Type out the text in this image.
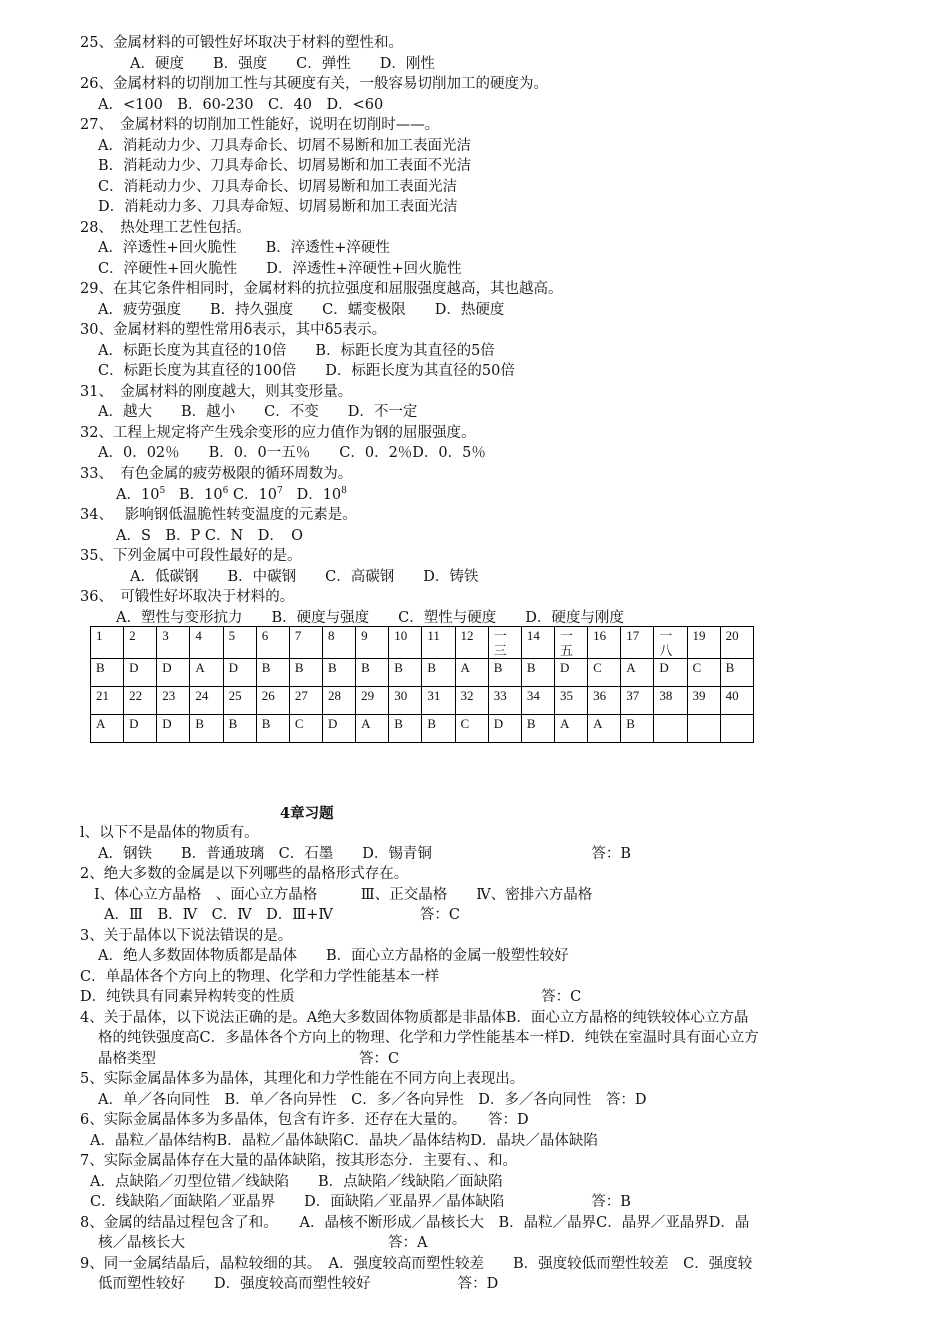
25、金属材料的可锻性好坏取决于材料的塑性和。
A．硬度　　B．强度　　C．弹性　　D．刚性
26、金属材料的切削加工性与其硬度有关，一般容易切削加工的硬度为。
A．<100　B．60-230　C．40　D．<60
27、　金属材料的切削加工性能好，说明在切削时——。
A．消耗动力少、刀具寿命长、切屑不易断和加工表面光洁
B．消耗动力少、刀具寿命长、切屑易断和加工表面不光洁
C．消耗动力少、刀具寿命长、切屑易断和加工表面光洁
D．消耗动力多、刀具寿命短、切屑易断和加工表面光洁
28、　热处理工艺性包括。
A．淬透性+回火脆性　　B．淬透性+淬硬性
C．淬硬性+回火脆性　　D．淬透性+淬硬性+回火脆性
29、在其它条件相同时，金属材料的抗拉强度和屈服强度越高，其也越高。
A．疲劳强度　　B．持久强度　　C．蠕变极限　　D．热硬度
30、金属材料的塑性常用δ表示，其中δ5表示。
A．标距长度为其直径的10倍　　B．标距长度为其直径的5倍
C．标距长度为其直径的100倍　　D．标距长度为其直径的50倍
31、　金属材料的刚度越大，则其变形量。
A．越大　　B．越小　　C．不变　　D．不一定
32、工程上规定将产生残余变形的应力值作为钢的屈服强度。
A．0．02％　　B．0．0一五％　　C．0．2％D．0．5％
33、　有色金属的疲劳极限的循环周数为。
A．$10^5$ B．$10^6$ C．$10^7$ D．$10^8$
34、　 影响钢低温脆性转变温度的元素是。
A．S　B．P C．N　D．　O
35、下列金属中可段性最好的是。
A．低碳钢　　B．中碳钢　　C．高碳钢　　D．铸铁
36、　可锻性好坏取决于材料的。
A．塑性与变形抗力　　B．硬度与强度　　C．塑性与硬度　　D．硬度与刚度
1	2	3	4	5	6	7	8	9	10	11	12	一三	14	一五	16	17	一八	19	20
B	D	D	A	D	B	B	B	B	B	B	A	B	B	D	C	A	D	C	B
21	22	23	24	25	26	27	28	29	30	31	32	33	34	35	36	37	38	39	40
A	D	D	B	B	B	C	D	A	B	B	C	D	B	A	A	B			
4章习题
l、以下不是晶体的物质有。
A．钢铁　　B．普通玻璃　C．石墨　　D．锡青铜　　　　　　　　　　　答：B
2、绝大多数的金属是以下列哪些的晶格形式存在。
Ⅰ、体心立方晶格　、面心立方晶格　　　Ⅲ、正交晶格　　Ⅳ、密排六方晶格
A．Ⅲ　B．Ⅳ　C．Ⅳ　D．Ⅲ+Ⅳ　　　　　　答：C
3、关于晶体以下说法错误的是。
A．绝人多数固体物质都是晶体　　B．面心立方晶格的金属一般塑性较好
C．单晶体各个方向上的物理、化学和力学性能基本一样
D．纯铁具有同素异构转变的性质　　　　　　　　　　　　　　　　　答：C
4、关于晶体，以下说法正确的是。A绝大多数固体物质都是非晶体B．面心立方晶格的纯铁较体心立方晶
格的纯铁强度高C．多晶体各个方向上的物理、化学和力学性能基本一样D．纯铁在室温时具有面心立方
晶格类型　　　　　　　　　　　　　　答：C
5、实际金属晶体多为晶体，其理化和力学性能在不同方向上表现出。
A．单／各向同性　B．单／各向异性　C．多／各向异性　D．多／各向同性　答：D
6、实际金属晶体多为多晶体，包含有许多．还存在大量的。　　答：D
A．晶粒／晶体结构B．晶粒／晶体缺陷C．晶块／晶体结构D．晶块／晶体缺陷
7、实际金属晶体存在大量的晶体缺陷，按其形态分．主要有、、和。
A．点缺陷／刃型位错／线缺陷　　B．点缺陷／线缺陷／面缺陷
C．线缺陷／面缺陷／亚晶界　　D．面缺陷／亚晶界／晶体缺陷　　　　　　答：B
8、金属的结晶过程包含了和。　　A．晶核不断形成／晶核长大　B．晶粒／晶界C．晶界／亚晶界D．晶
核／晶核长大　　　　　　　　　　　　　　答：A
9、同一金属结晶后，晶粒较细的其。　A．强度较高而塑性较差　　B．强度较低而塑性较差　C．强度较
低而塑性较好　　D．强度较高而塑性较好　　　　　　答：D
